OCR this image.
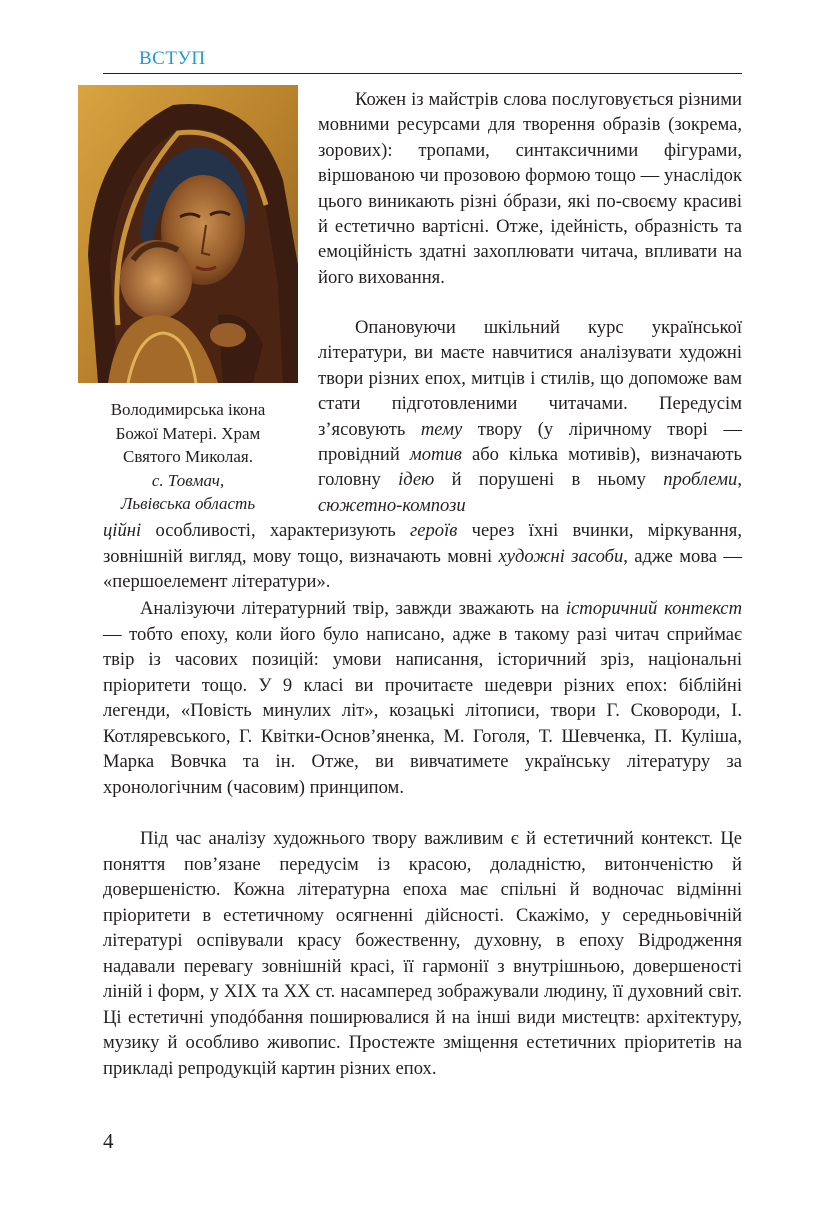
ВСТУП
Володимирська ікона
Божої Матері. Храм
Святого Миколая.
с. Товмач,
Львівська область

Кожен із майстрів слова послуговується різними мовними ресурсами для творення образів (зокрема, зорових): тропами, синтаксичними фігурами, віршованою чи прозовою формою тощо — унаслідок цього виникають різні óбрази, які по-своєму красиві й естетично вартісні. Отже, ідейність, образність та емоційність здатні захоплювати читача, впливати на його виховання.

Опановуючи шкільний курс української літератури, ви маєте навчитися аналізувати художні твори різних епох, митців і стилів, що допоможе вам стати підготовленими читачами. Передусім з’ясовують тему твору (у ліричному творі — провідний мотив або кілька мотивів), визначають головну ідею й порушені в ньому проблеми, сюжетно-компози

ційні особливості, характеризують героїв через їхні вчинки, міркування, зовнішній вигляд, мову тощо, визначають мовні художні засоби, адже мова — «першоелемент літератури».

Аналізуючи літературний твір, завжди зважають на історичний контекст — тобто епоху, коли його було написано, адже в такому разі читач сприймає твір із часових позицій: умови написання, історичний зріз, національні пріоритети тощо. У 9 класі ви прочитаєте шедеври різних епох: біблійні легенди, «Повість минулих літ», козацькі літописи, твори Г. Сковороди, І. Котляревського, Г. Квітки-Основ’яненка, М. Гоголя, Т. Шевченка, П. Куліша, Марка Вовчка та ін. Отже, ви вивчатимете українську літературу за хронологічним (часовим) принципом.

Під час аналізу художнього твору важливим є й естетичний контекст. Це поняття пов’язане передусім із красою, доладністю, витонченістю й довершеністю. Кожна літературна епоха має спільні й водночас відмінні пріоритети в естетичному осягненні дійсності. Скажімо, у середньовічній літературі оспівували красу божественну, духовну, в епоху Відродження надавали перевагу зовнішній красі, її гармонії з внутрішньою, довершеності ліній і форм, у XIX та XX ст. насамперед зображували людину, її духовний світ. Ці естетичні уподóбання поширювалися й на інші види мистецтв: архітектуру, музику й особливо живопис. Простежте зміщення естетичних пріоритетів на прикладі репродукцій картин різних епох.

4
